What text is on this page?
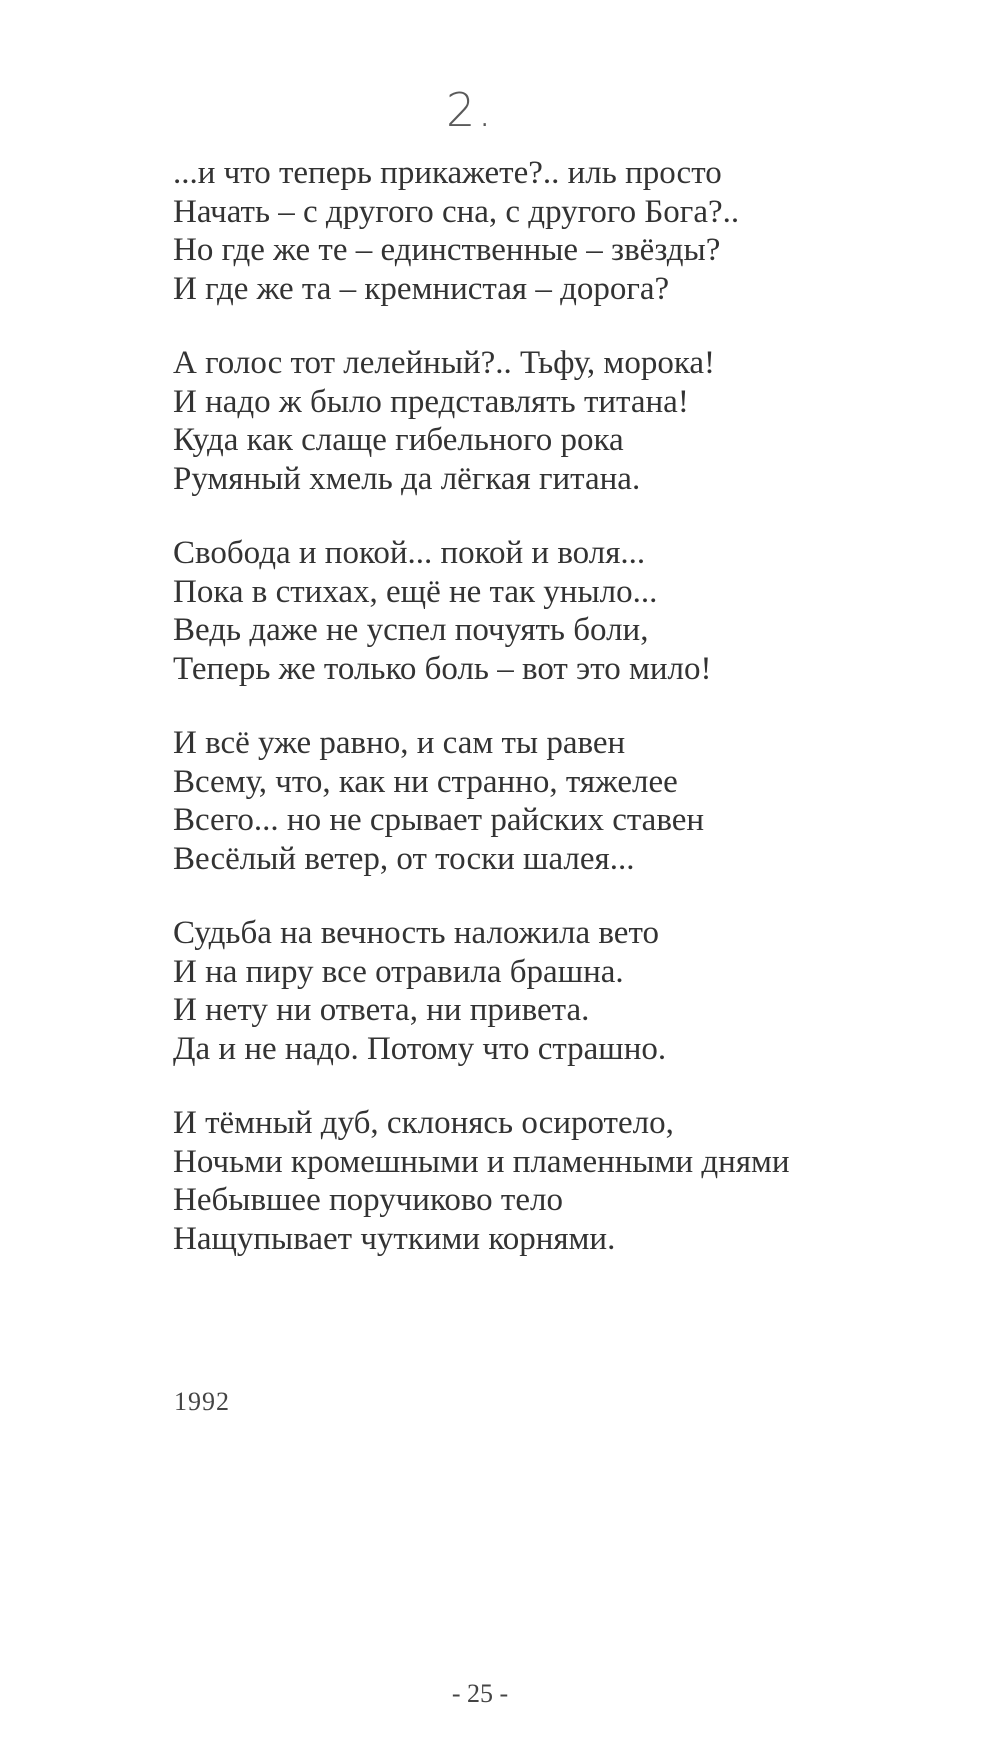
2.
...и что теперь прикажете?.. иль просто
Начать – с другого сна, с другого Бога?..
Но где же те – единственные – звёзды?
И где же та – кремнистая – дорога?
А голос тот лелейный?.. Тьфу, морока!
И надо ж было представлять титана!
Куда как слаще гибельного рока
Румяный хмель да лёгкая гитана.
Свобода и покой... покой и воля...
Пока в стихах, ещё не так уныло...
Ведь даже не успел почуять боли,
Теперь же только боль – вот это мило!
И всё уже равно, и сам ты равен
Всему, что, как ни странно, тяжелее
Всего... но не срывает райских ставен
Весёлый ветер, от тоски шалея...
Судьба на вечность наложила вето
И на пиру все отравила брашна.
И нету ни ответа, ни привета.
Да и не надо. Потому что страшно.
И тёмный дуб, склонясь осиротело,
Ночьми кромешными и пламенными днями
Небывшее поручиково тело
Нащупывает чуткими корнями.
1992
- 25 -
